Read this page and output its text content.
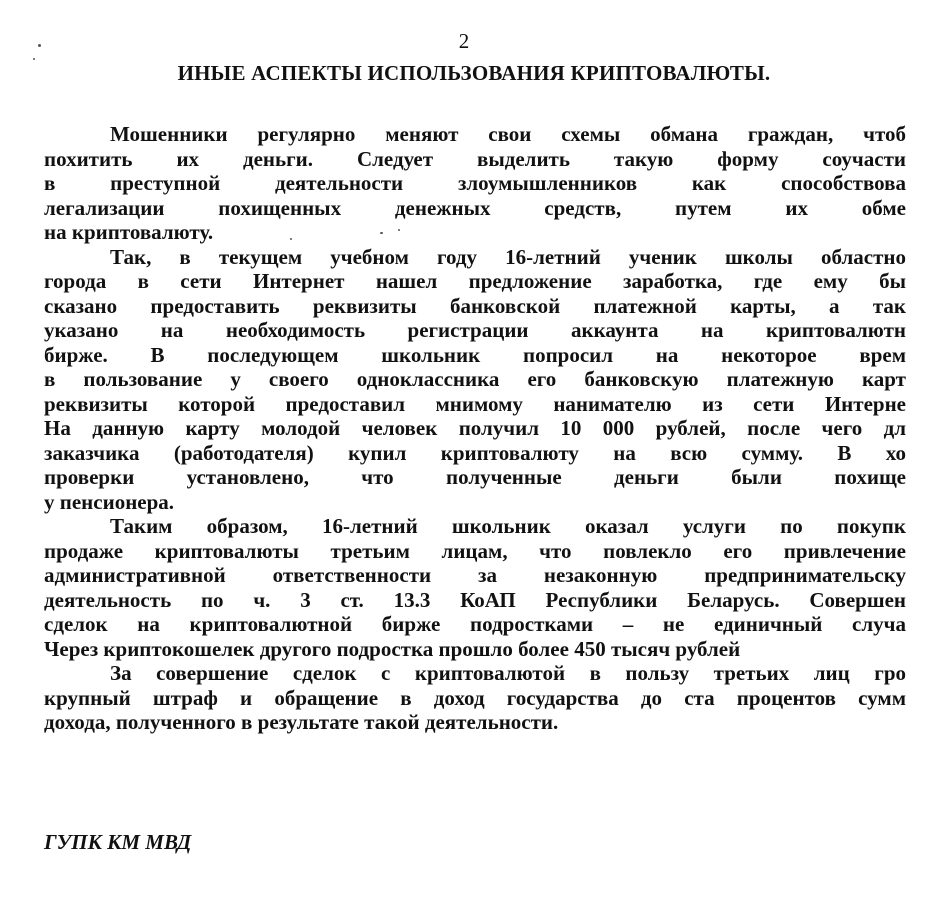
2
ИНЫЕ АСПЕКТЫ ИСПОЛЬЗОВАНИЯ КРИПТОВАЛЮТЫ.
Мошенники регулярно меняют свои схемы обмана граждан, чтоб
похитить их деньги. Следует выделить такую форму соучасти
в преступной деятельности злоумышленников как способствова
легализации похищенных денежных средств, путем их обме
на криптовалюту.
Так, в текущем учебном году 16-летний ученик школы областно
города в сети Интернет нашел предложение заработка, где ему бы
сказано предоставить реквизиты банковской платежной карты, а так
указано на необходимость регистрации аккаунта на криптовалютн
бирже. В последующем школьник попросил на некоторое врем
в пользование у своего одноклассника его банковскую платежную карт
реквизиты которой предоставил мнимому нанимателю из сети Интерне
На данную карту молодой человек получил 10 000 рублей, после чего дл
заказчика (работодателя) купил криптовалюту на всю сумму. В хо
проверки установлено, что полученные деньги были похище
у пенсионера.
Таким образом, 16-летний школьник оказал услуги по покупк
продаже криптовалюты третьим лицам, что повлекло его привлечение
административной ответственности за незаконную предпринимательску
деятельность по ч. 3 ст. 13.3 КоАП Республики Беларусь. Совершен
сделок на криптовалютной бирже подростками – не единичный случа
Через криптокошелек другого подростка прошло более 450 тысяч рублей
За совершение сделок с криптовалютой в пользу третьих лиц гро
крупный штраф и обращение в доход государства до ста процентов сумм
дохода, полученного в результате такой деятельности.
ГУПК КМ МВД
